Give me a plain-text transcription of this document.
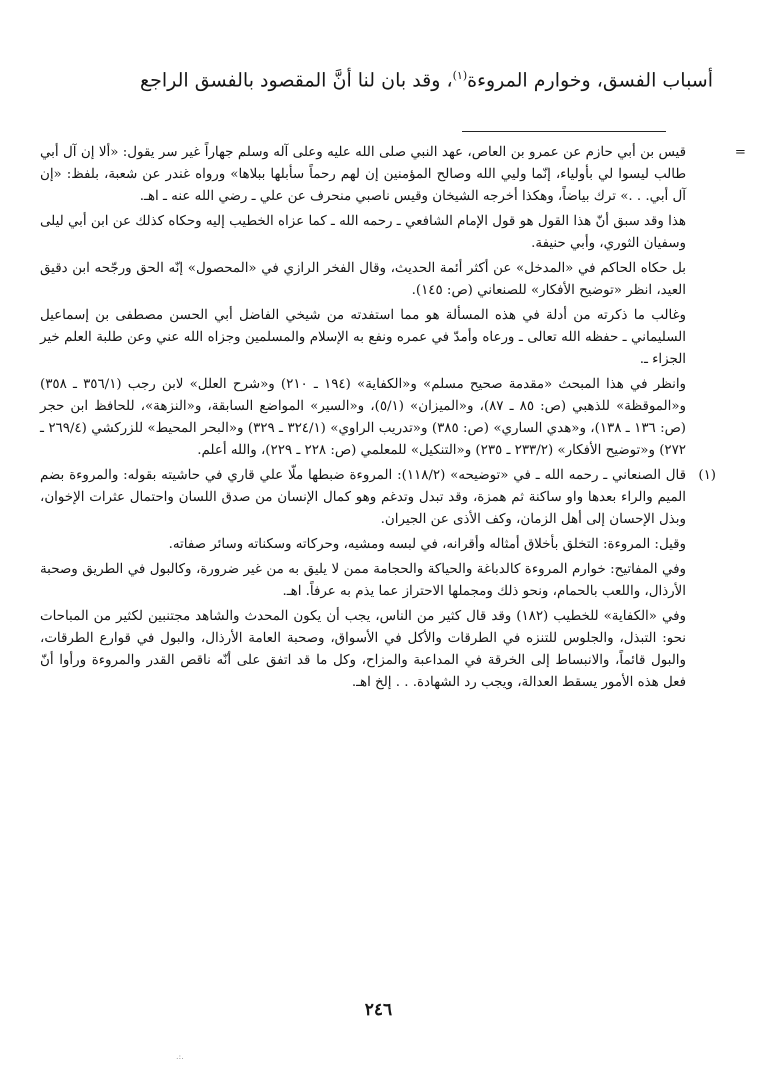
أسباب الفسق، وخوارم المروءة$^{(١)}$، وقد بان لنا أنَّ المقصود بالفسق الراجع

=
قيس بن أبي حازم عن عمرو بن العاص، عهد النبي صلى الله عليه وعلى آله وسلم جهاراً غير سر يقول: «ألا إن آل أبي طالب ليسوا لي بأولياء، إنّما وليي الله وصالح المؤمنين إن لهم رحماً سأبلها ببلاها» ورواه غندر عن شعبة، بلفظ: «إن آل أبي. . .» ترك بياضاً، وهكذا أخرجه الشيخان وقيس ناصبي منحرف عن علي ـ رضي الله عنه ـ اهـ.

هذا وقد سبق أنّ هذا القول هو قول الإمام الشافعي ـ رحمه الله ـ كما عزاه الخطيب إليه وحكاه كذلك عن ابن أبي ليلى وسفيان الثوري، وأبي حنيفة.

بل حكاه الحاكم في «المدخل» عن أكثر أئمة الحديث، وقال الفخر الرازي في «المحصول» إنّه الحق ورجّحه ابن دقيق العيد، انظر «توضيح الأفكار» للصنعاني (ص: ١٤٥).

وغالب ما ذكرته من أدلة في هذه المسألة هو مما استفدته من شيخي الفاضل أبي الحسن مصطفى بن إسماعيل السليماني ـ حفظه الله تعالى ـ ورعاه وأمدّ في عمره ونفع به الإسلام والمسلمين وجزاه الله عني وعن طلبة العلم خير الجزاء ـ.

وانظر في هذا المبحث «مقدمة صحيح مسلم» و«الكفاية» (١٩٤ ـ ٢١٠) و«شرح العلل» لابن رجب (٣٥٦/١ ـ ٣٥٨) و«الموقظة» للذهبي (ص: ٨٥ ـ ٨٧)، و«الميزان» (٥/١)، و«السير» المواضع السابقة، و«النزهة»، للحافظ ابن حجر (ص: ١٣٦ ـ ١٣٨)، و«هدي الساري» (ص: ٣٨٥) و«تدريب الراوي» (٣٢٤/١ ـ ٣٢٩) و«البحر المحيط» للزركشي (٢٦٩/٤ ـ ٢٧٢) و«توضيح الأفكار» (٢٣٣/٢ ـ ٢٣٥) و«التنكيل» للمعلمي (ص: ٢٢٨ ـ ٢٢٩)، والله أعلم.

(١)

قال الصنعاني ـ رحمه الله ـ في «توضيحه» (١١٨/٢): المروءة ضبطها ملّا علي قاري في حاشيته بقوله: والمروءة بضم الميم والراء بعدها واو ساكنة ثم همزة، وقد تبدل وتدغم وهو كمال الإنسان من صدق اللسان واحتمال عثرات الإخوان، وبذل الإحسان إلى أهل الزمان، وكف الأذى عن الجيران.

وقيل: المروءة: التخلق بأخلاق أمثاله وأقرانه، في لبسه ومشيه، وحركاته وسكناته وسائر صفاته.

وفي المفاتيح: خوارم المروءة كالدباغة والحياكة والحجامة ممن لا يليق به من غير ضرورة، وكالبول في الطريق وصحبة الأرذال، واللعب بالحمام، ونحو ذلك ومجملها الاحتراز عما يذم به عرفاً. اهـ.

وفي «الكفاية» للخطيب (١٨٢) وقد قال كثير من الناس، يجب أن يكون المحدث والشاهد مجتنبين لكثير من المباحات نحو: التبذل، والجلوس للتنزه في الطرقات والأكل في الأسواق، وصحبة العامة الأرذال، والبول في قوارع الطرقات، والبول قائماً، والانبساط إلى الخرقة في المداعبة والمزاح، وكل ما قد اتفق على أنّه ناقص القدر والمروءة ورأوا أنّ فعل هذه الأمور يسقط العدالة، ويجب رد الشهادة. . . إلخ اهـ.

٢٤٦
.:.
